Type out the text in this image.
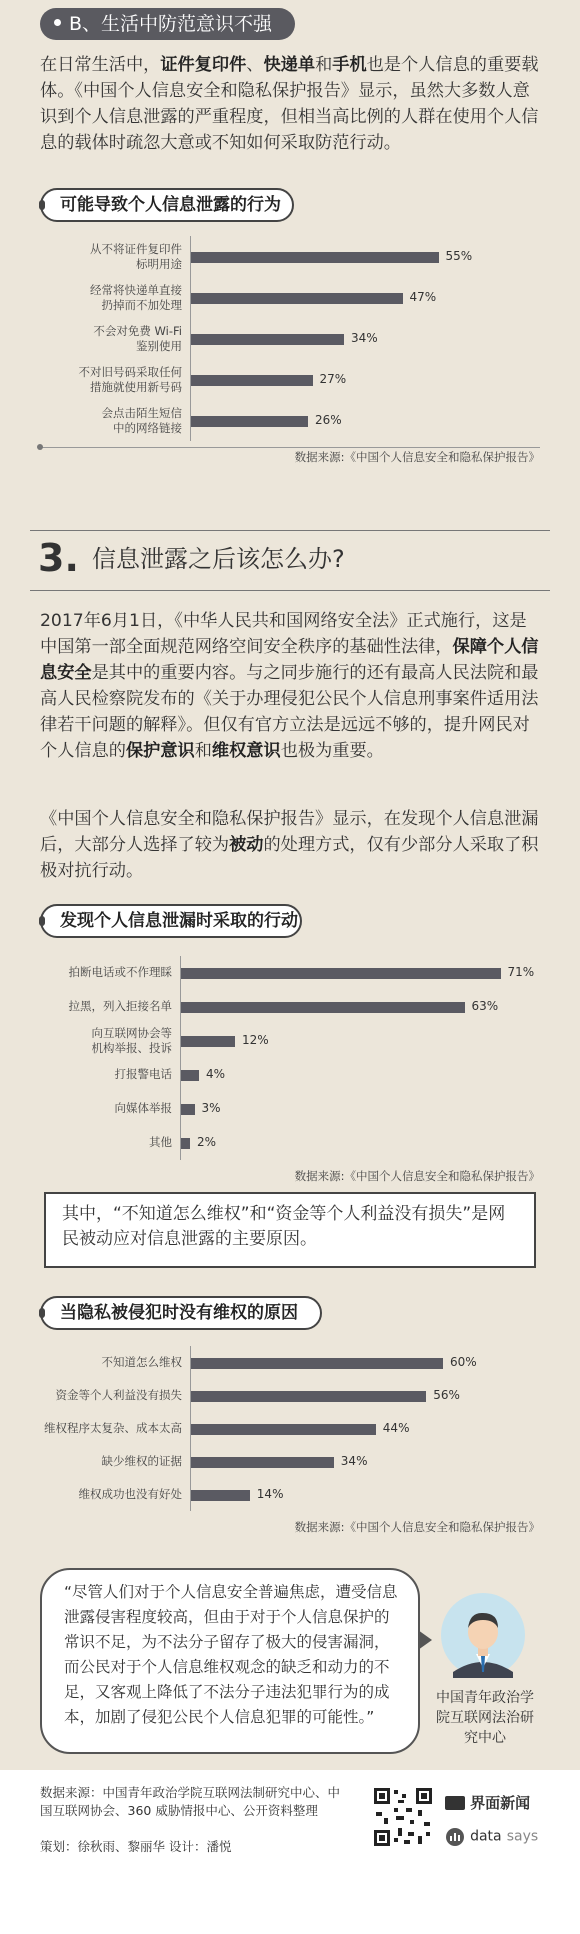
B、生活中防范意识不强
在日常生活中，证件复印件、快递单和手机也是个人信息的重要载体。《中国个人信息安全和隐私保护报告》显示，虽然大多数人意识到个人信息泄露的严重程度，但相当高比例的人群在使用个人信息的载体时疏忽大意或不知如何采取防范行动。
可能导致个人信息泄露的行为
从不将证件复印件
标明用途
55%
经常将快递单直接
扔掉而不加处理
47%
不会对免费 Wi-Fi
鉴别使用
34%
不对旧号码采取任何
措施就使用新号码
27%
会点击陌生短信
中的网络链接
26%
数据来源:《中国个人信息安全和隐私保护报告》
3. 信息泄露之后该怎么办?
2017年6月1日，《中华人民共和国网络安全法》正式施行，这是中国第一部全面规范网络空间安全秩序的基础性法律，保障个人信息安全是其中的重要内容。与之同步施行的还有最高人民法院和最高人民检察院发布的《关于办理侵犯公民个人信息刑事案件适用法律若干问题的解释》。但仅有官方立法是远远不够的，提升网民对个人信息的保护意识和维权意识也极为重要。
《中国个人信息安全和隐私保护报告》显示，在发现个人信息泄漏后，大部分人选择了较为被动的处理方式，仅有少部分人采取了积极对抗行动。
发现个人信息泄漏时采取的行动
拍断电话或不作理睬	71%
拉黑，列入拒接名单	63%
向互联网协会等
机构举报、投诉
12%
打报警电话	4%
向媒体举报 3%
其他 2%
数据来源:《中国个人信息安全和隐私保护报告》
其中，“不知道怎么维权”和“资金等个人利益没有损失”是网民被动应对信息泄露的主要原因。
当隐私被侵犯时没有维权的原因
不知道怎么维权	60%
资金等个人利益没有损失	56%
维权程序太复杂、成本太高	44%
缺少维权的证据	34%
维权成功也没有好处	14%
数据来源:《中国个人信息安全和隐私保护报告》
“尽管人们对于个人信息安全普遍焦虑，遭受信息泄露侵害程度较高，但由于对于个人信息保护的常识不足，为不法分子留存了极大的侵害漏洞，而公民对于个人信息维权观念的缺乏和动力的不足，又客观上降低了不法分子违法犯罪行为的成本，加剧了侵犯公民个人信息犯罪的可能性。”
中国青年政治学院互联网法治研究中心
数据来源：中国青年政治学院互联网法制研究中心、中国互联网协会、360 威胁情报中心、公开资料整理
策划：徐秋雨、黎丽华 设计：潘悦
界面新闻
data says
